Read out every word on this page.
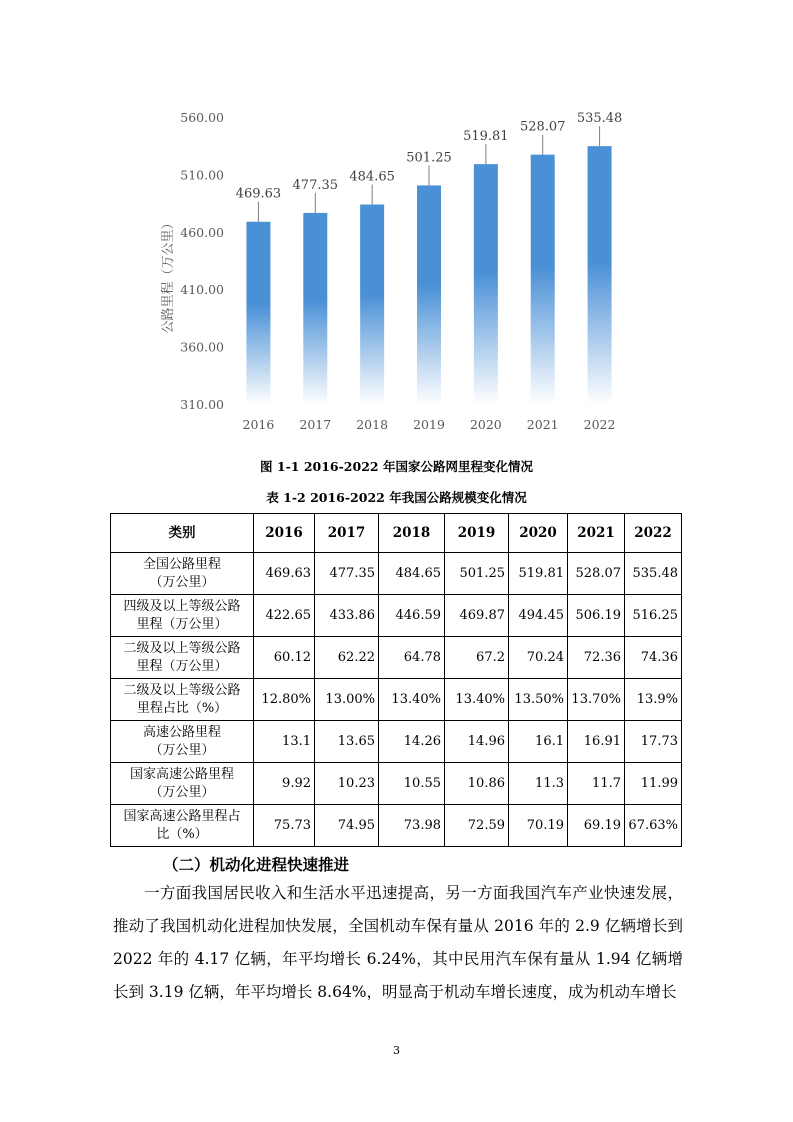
310.00
360.00
410.00
460.00
510.00
560.00
469.63
477.35
484.65
501.25
519.81
528.07
535.48
2016 2017 2018 2019 2020 2021 2022
公路里程（万公里）
图 1-1 2016-2022 年国家公路网里程变化情况
表 1-2 2016-2022 年我国公路规模变化情况
类别	2016	2017	2018	2019	2020	2021	2022

全国公路里程
（万公里）	469.63	477.35	484.65	501.25	519.81	528.07	535.48

四级及以上等级公路
里程（万公里）	422.65	433.86	446.59	469.87	494.45	506.19	516.25

二级及以上等级公路
里程（万公里）	60.12	62.22	64.78	67.2	70.24	72.36	74.36

二级及以上等级公路
里程占比（%）	12.80%	13.00%	13.40%	13.40%	13.50%	13.70%	13.9%

高速公路里程
（万公里）	13.1	13.65	14.26	14.96	16.1	16.91	17.73

国家高速公路里程
（万公里）	9.92	10.23	10.55	10.86	11.3	11.7	11.99

国家高速公路里程占
比（%）	75.73	74.95	73.98	72.59	70.19	69.19	67.63%
（二）机动化进程快速推进

一方面我国居民收入和生活水平迅速提高，另一方面我国汽车产业快速发展，推动了我国机动化进程加快发展，全国机动车保有量从 2016 年的 2.9 亿辆增长到 2022 年的 4.17 亿辆，年平均增长 6.24%，其中民用汽车保有量从 1.94 亿辆增长到 3.19 亿辆，年平均增长 8.64%，明显高于机动车增长速度，成为机动车增长

3
